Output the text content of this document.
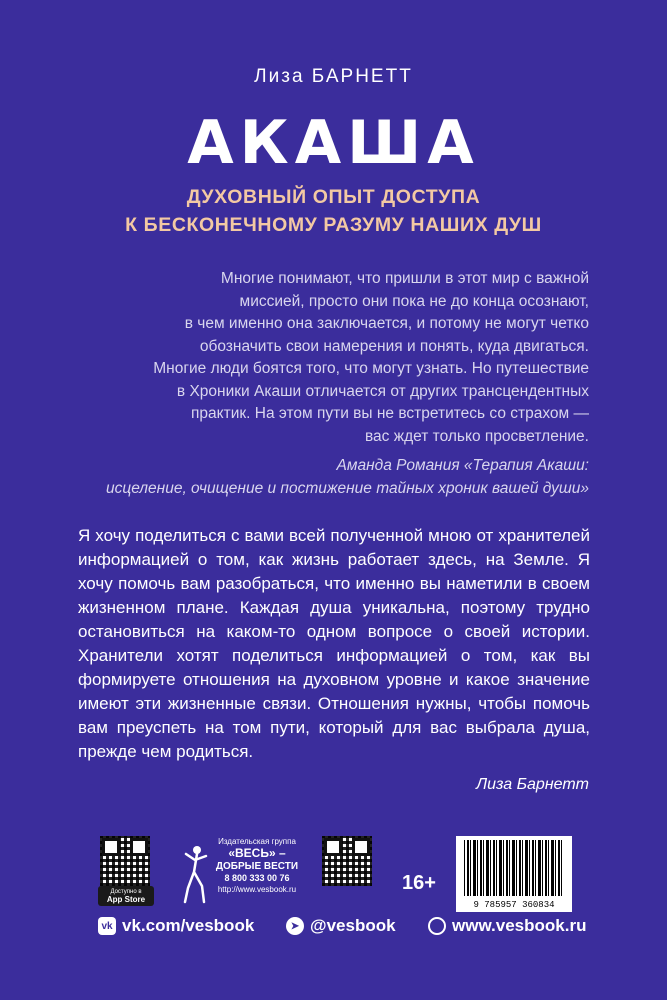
Лиза БАРНЕТТ
АКАША
ДУХОВНЫЙ ОПЫТ ДОСТУПА
К БЕСКОНЕЧНОМУ РАЗУМУ НАШИХ ДУШ
Многие понимают, что пришли в этот мир с важной
миссией, просто они пока не до конца осознают,
в чем именно она заключается, и потому не могут четко
обозначить свои намерения и понять, куда двигаться.
Многие люди боятся того, что могут узнать. Но путешествие
в Хроники Акаши отличается от других трансцендентных
практик. На этом пути вы не встретитесь со страхом —
вас ждет только просветление.
Аманда Романия «Терапия Акаши:
исцеление, очищение и постижение тайных хроник вашей души»
Я хочу поделиться с вами всей полученной мною от хранителей информацией о том, как жизнь работает здесь, на Земле. Я хочу помочь вам разобраться, что именно вы наметили в своем жизненном плане. Каждая душа уникальна, поэтому трудно остановиться на каком-то одном вопросе о своей истории. Хранители хотят поделиться информацией о том, как вы формируете отношения на духовном уровне и какое значение имеют эти жизненные связи. Отношения нужны, чтобы помочь вам преуспеть на том пути, который для вас выбрала душа, прежде чем родиться.
Лиза Барнетт
Доступно в
App Store
Издательская группа
«ВЕСЬ» –
ДОБРЫЕ ВЕСТИ
8 800 333 00 76
http://www.vesbook.ru	16+
9 785957 360834
vk vk.com/vesbook	➤ @vesbook	www.vesbook.ru
